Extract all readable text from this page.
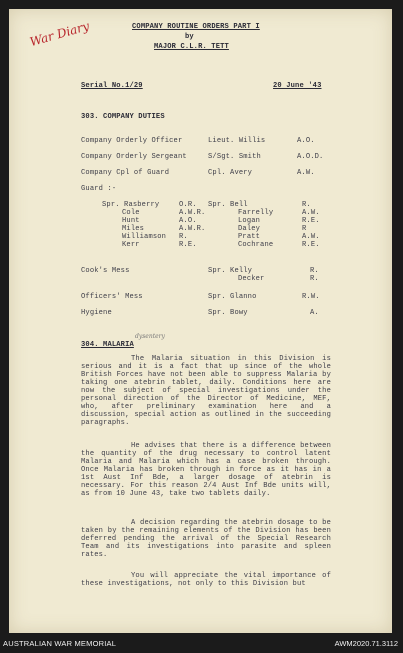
War Diary	COMPANY ROUTINE ORDERS PART I
by
MAJOR C.L.R. TETT
Serial No.1/29	20 June '43
303. COMPANY DUTIES
Company Orderly Officer	Lieut. Willis	A.O.
Company Orderly Sergeant	S/Sgt. Smith	A.O.D.
Company Cpl of Guard	Cpl. Avery	A.W.
Guard :-
Spr. Rasberry	O.R. Spr. Bell	R.
Cole	A.W.R.	Farrelly	A.W.
Hunt	A.O.	Logan	R.E.
Miles	A.W.R.	Daley	R
Williamson R.	Pratt	A.W.
Kerr	R.E.	Cochrane	R.E.
Cook's Mess	Spr. Kelly	R.
Decker	R.
Officers' Mess	Spr. Glanno	R.W.
Hygiene	Spr. Bowy	A.
304. MALARIA
The Malaria situation in this Division is serious and it is a fact that up since of the whole British Forces have not been able to suppress Malaria by taking one atebrin tablet, daily. Conditions here are now the subject of special investigations under the personal direction of the Director of Medicine, MEF, who, after preliminary examination here and a discussion, special action as outlined in the succeeding paragraphs.
dysentery
He advises that there is a difference between the quantity of the drug necessary to control latent Malaria and Malaria which has a case broken through. Once Malaria has broken through in force as it has in a 1st Aust Inf Bde, a larger dosage of atebrin is necessary. For this reason 2/4 Aust Inf Bde units will, as from 10 June 43, take two tablets daily.
A decision regarding the atebrin dosage to be taken by the remaining elements of the Division has been deferred pending the arrival of the Special Research Team and its investigations into parasite and spleen rates.
You will appreciate the vital importance of these investigations, not only to this Division but
AUSTRALIAN WAR MEMORIAL	AWM2020.71.3112
